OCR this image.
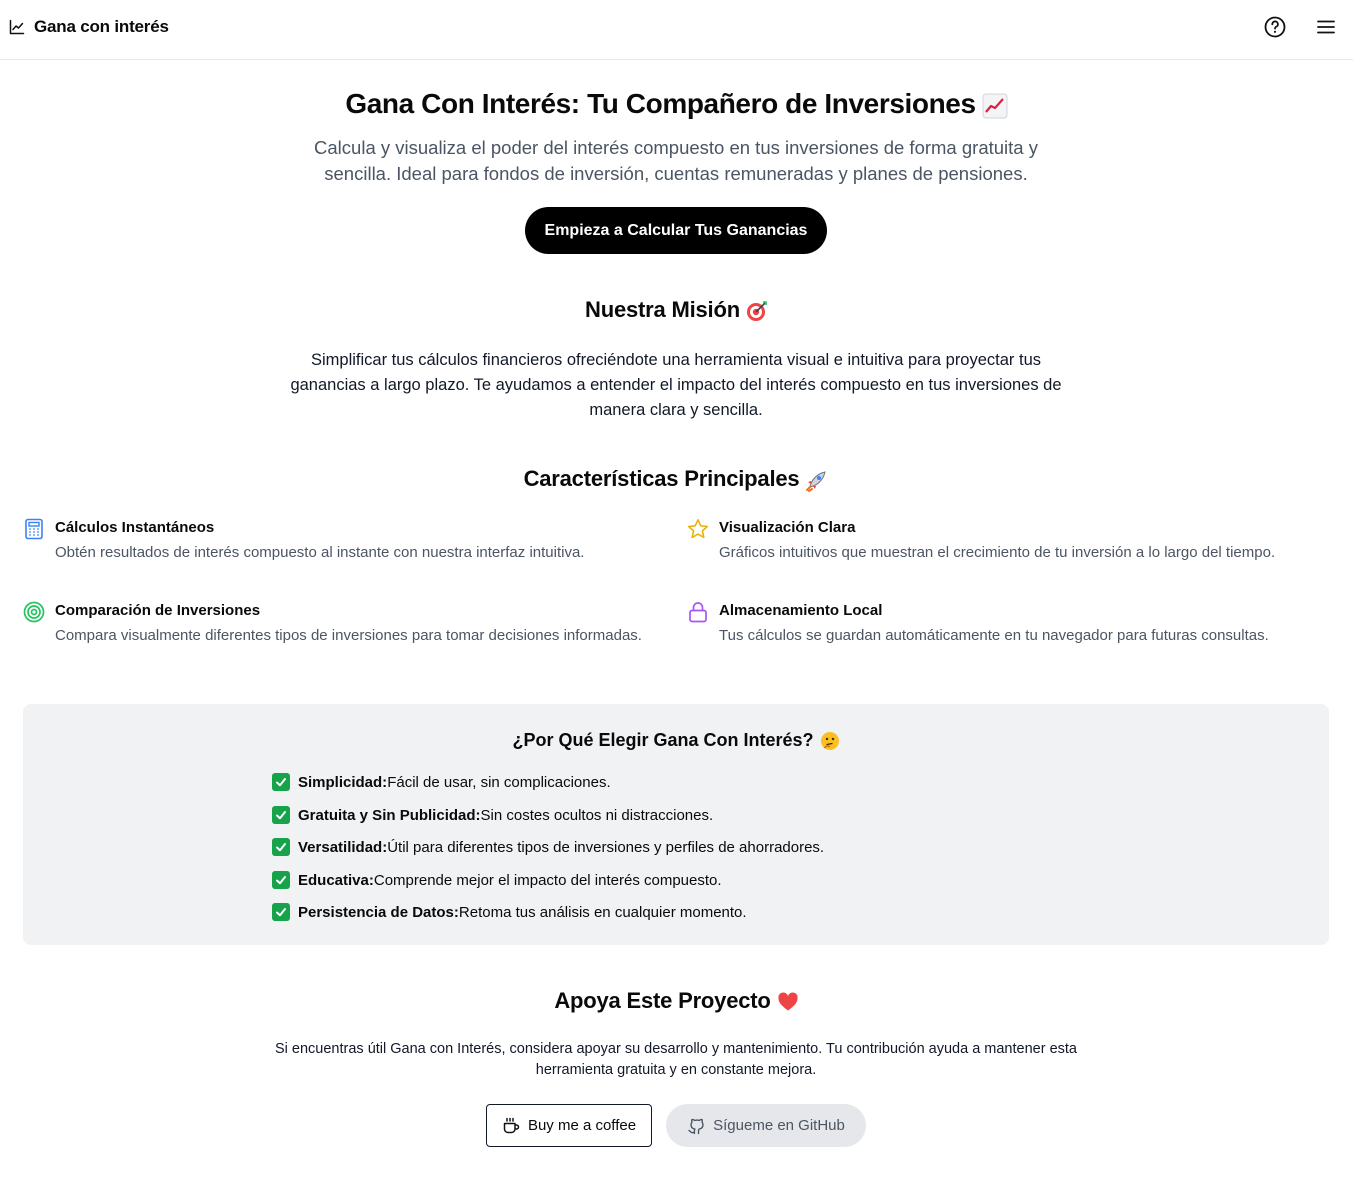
Gana con interés
Gana Con Interés: Tu Compañero de Inversiones

Calcula y visualiza el poder del interés compuesto en tus inversiones de forma gratuita y sencilla. Ideal para fondos de inversión, cuentas remuneradas y planes de pensiones.

Empieza a Calcular Tus Ganancias
Nuestra Misión

Simplificar tus cálculos financieros ofreciéndote una herramienta visual e intuitiva para proyectar tus ganancias a largo plazo. Te ayudamos a entender el impacto del interés compuesto en tus inversiones de manera clara y sencilla.

Características Principales
Cálculos Instantáneos
Obtén resultados de interés compuesto al instante con nuestra interfaz intuitiva.
Visualización Clara
Gráficos intuitivos que muestran el crecimiento de tu inversión a lo largo del tiempo.
Comparación de Inversiones
Compara visualmente diferentes tipos de inversiones para tomar decisiones informadas.
Almacenamiento Local
Tus cálculos se guardan automáticamente en tu navegador para futuras consultas.
¿Por Qué Elegir Gana Con Interés?
Simplicidad: Fácil de usar, sin complicaciones.
Gratuita y Sin Publicidad: Sin costes ocultos ni distracciones.
Versatilidad: Útil para diferentes tipos de inversiones y perfiles de ahorradores.
Educativa: Comprende mejor el impacto del interés compuesto.
Persistencia de Datos: Retoma tus análisis en cualquier momento.
Apoya Este Proyecto

Si encuentras útil Gana con Interés, considera apoyar su desarrollo y mantenimiento. Tu contribución ayuda a mantener esta herramienta gratuita y en constante mejora.

Buy me a coffee	Sígueme en GitHub
